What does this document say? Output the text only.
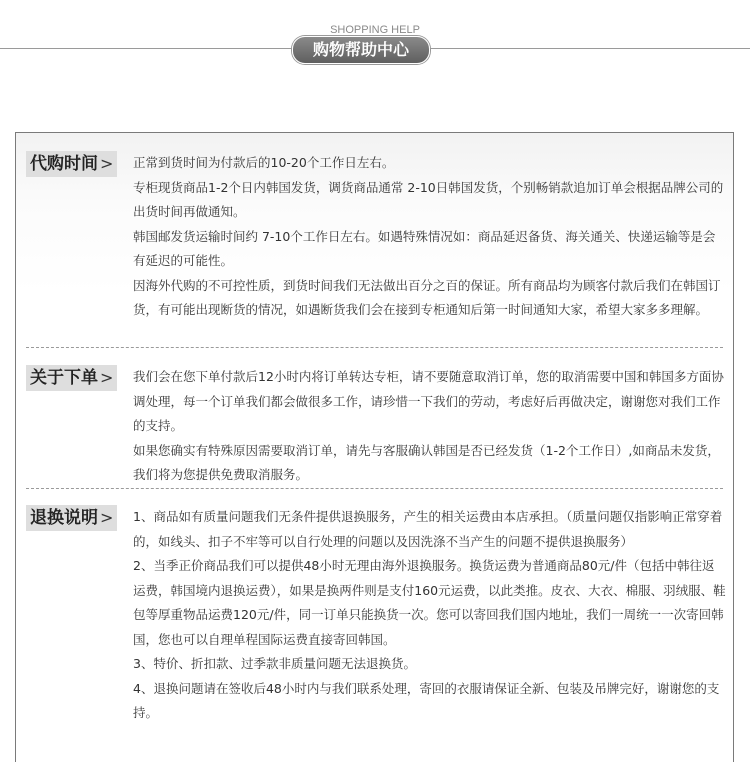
SHOPPING HELP
购物帮助中心
代购时间 >	正常到货时间为付款后的10-20个工作日左右。

专柜现货商品1-2个日内韩国发货，调货商品通常 2-10日韩国发货，个别畅销款追加订单会根据品牌公司的出货时间再做通知。

韩国邮发货运输时间约 7-10个工作日左右。如遇特殊情况如：商品延迟备货、海关通关、快递运输等是会有延迟的可能性。

因海外代购的不可控性质，到货时间我们无法做出百分之百的保证。所有商品均为顾客付款后我们在韩国订货，有可能出现断货的情况，如遇断货我们会在接到专柜通知后第一时间通知大家，希望大家多多理解。

关于下单 >	我们会在您下单付款后12小时内将订单转达专柜，请不要随意取消订单，您的取消需要中国和韩国多方面协调处理，每一个订单我们都会做很多工作，请珍惜一下我们的劳动，考虑好后再做决定，谢谢您对我们工作的支持。

如果您确实有特殊原因需要取消订单，请先与客服确认韩国是否已经发货（1-2个工作日）,如商品未发货，我们将为您提供免费取消服务。

退换说明 >	1、商品如有质量问题我们无条件提供退换服务，产生的相关运费由本店承担。（质量问题仅指影响正常穿着的，如线头、扣子不牢等可以自行处理的问题以及因洗涤不当产生的问题不提供退换服务）

2、当季正价商品我们可以提供48小时无理由海外退换服务。换货运费为普通商品80元/件（包括中韩往返运费，韩国境内退换运费），如果是换两件则是支付160元运费，以此类推。皮衣、大衣、棉服、羽绒服、鞋包等厚重物品运费120元/件，同一订单只能换货一次。您可以寄回我们国内地址，我们一周统一一次寄回韩国，您也可以自理单程国际运费直接寄回韩国。

3、特价、折扣款、过季款非质量问题无法退换货。

4、退换问题请在签收后48小时内与我们联系处理，寄回的衣服请保证全新、包装及吊牌完好，谢谢您的支持。
